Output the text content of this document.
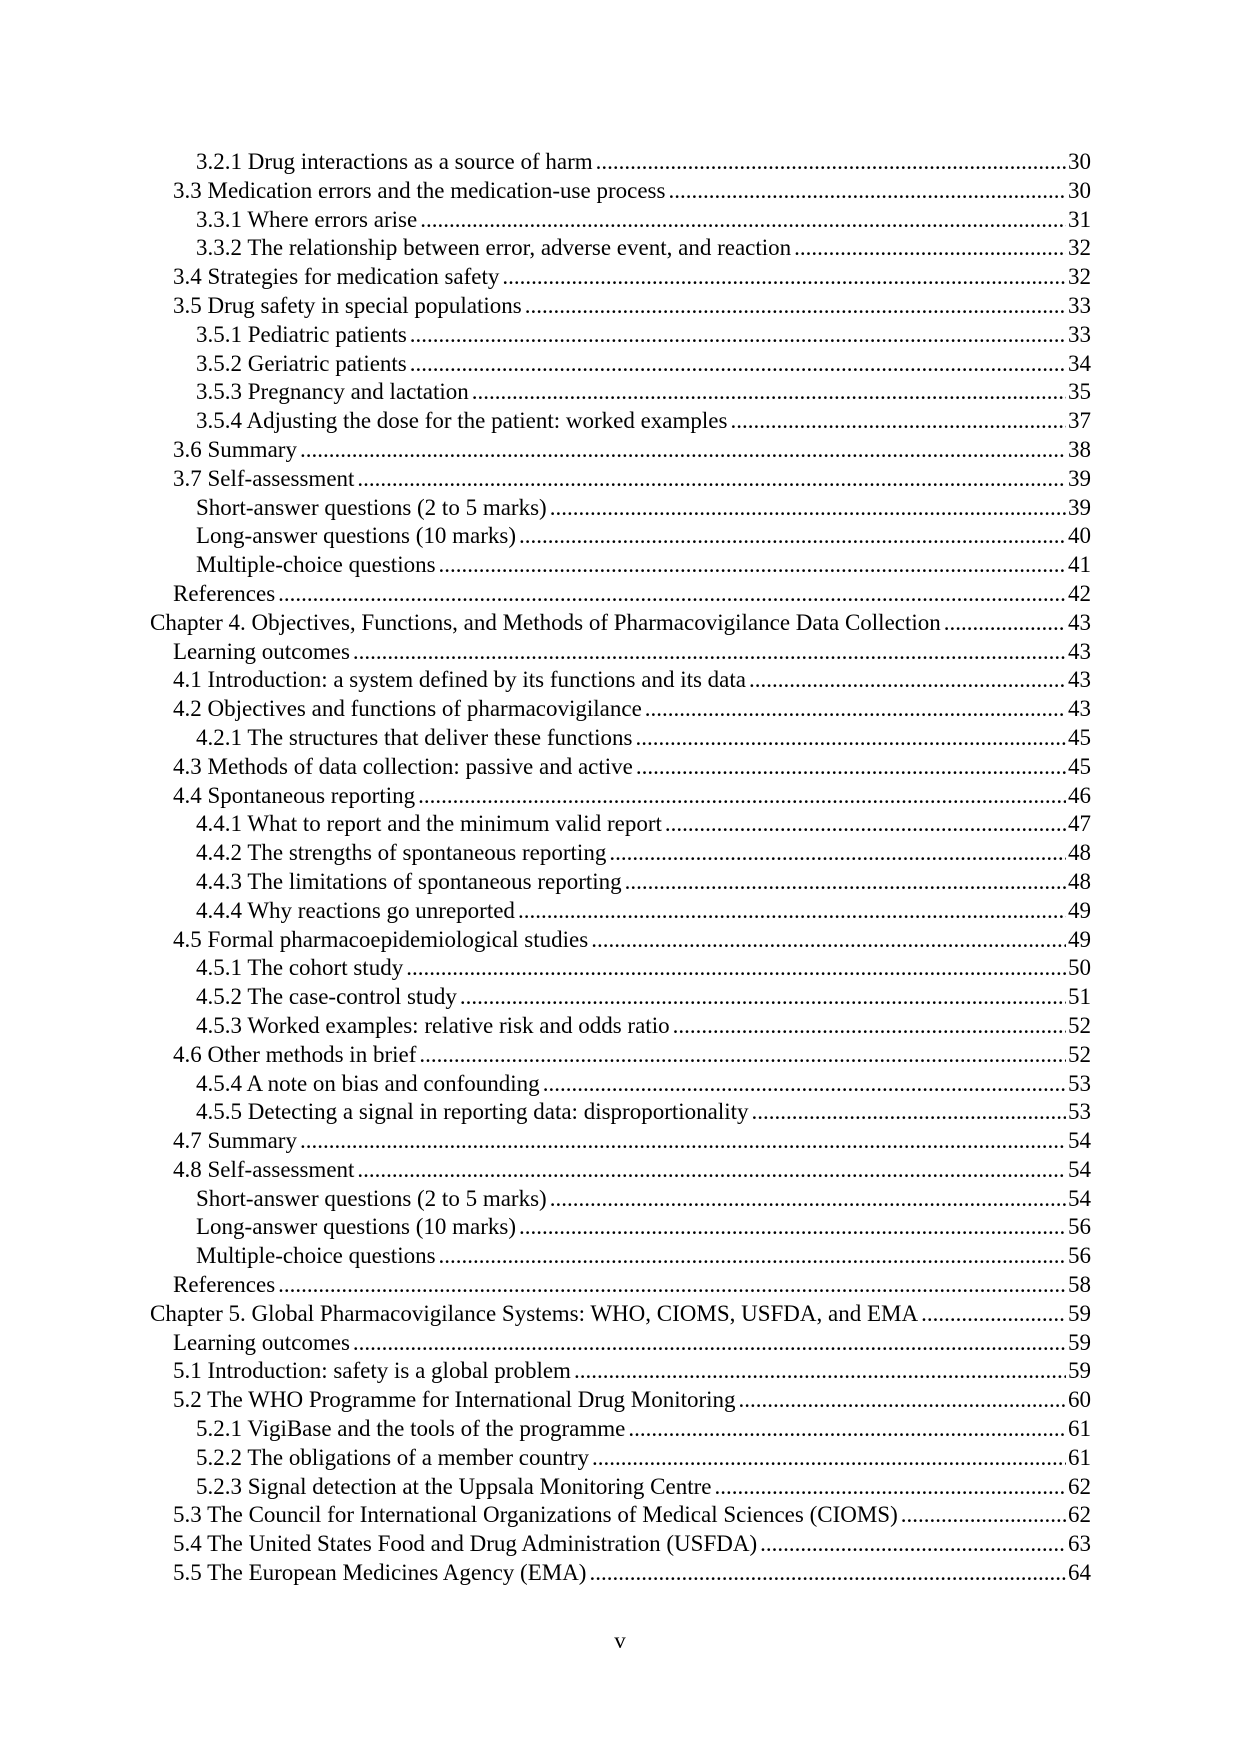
3.2.1 Drug interactions as a source of harm .....	30
3.3 Medication errors and the medication-use process .....	30
3.3.1 Where errors arise .....	31
3.3.2 The relationship between error, adverse event, and reaction .....	32
3.4 Strategies for medication safety .....	32
3.5 Drug safety in special populations .....	33
3.5.1 Pediatric patients .....	33
3.5.2 Geriatric patients .....	34
3.5.3 Pregnancy and lactation .....	35
3.5.4 Adjusting the dose for the patient: worked examples .....	37
3.6 Summary .....	38
3.7 Self-assessment .....	39
Short-answer questions (2 to 5 marks) .....	39
Long-answer questions (10 marks) .....	40
Multiple-choice questions .....	41
References .....	42
Chapter 4. Objectives, Functions, and Methods of Pharmacovigilance Data Collection .....	43
Learning outcomes .....	43
4.1 Introduction: a system defined by its functions and its data .....	43
4.2 Objectives and functions of pharmacovigilance .....	43
4.2.1 The structures that deliver these functions .....	45
4.3 Methods of data collection: passive and active .....	45
4.4 Spontaneous reporting .....	46
4.4.1 What to report and the minimum valid report .....	47
4.4.2 The strengths of spontaneous reporting .....	48
4.4.3 The limitations of spontaneous reporting .....	48
4.4.4 Why reactions go unreported .....	49
4.5 Formal pharmacoepidemiological studies .....	49
4.5.1 The cohort study .....	50
4.5.2 The case-control study .....	51
4.5.3 Worked examples: relative risk and odds ratio .....	52
4.6 Other methods in brief .....	52
4.5.4 A note on bias and confounding .....	53
4.5.5 Detecting a signal in reporting data: disproportionality .....	53
4.7 Summary .....	54
4.8 Self-assessment .....	54
Short-answer questions (2 to 5 marks) .....	54
Long-answer questions (10 marks) .....	56
Multiple-choice questions .....	56
References .....	58
Chapter 5. Global Pharmacovigilance Systems: WHO, CIOMS, USFDA, and EMA .....	59
Learning outcomes .....	59
5.1 Introduction: safety is a global problem .....	59
5.2 The WHO Programme for International Drug Monitoring .....	60
5.2.1 VigiBase and the tools of the programme .....	61
5.2.2 The obligations of a member country .....	61
5.2.3 Signal detection at the Uppsala Monitoring Centre .....	62
5.3 The Council for International Organizations of Medical Sciences (CIOMS) .....	62
5.4 The United States Food and Drug Administration (USFDA) .....	63
5.5 The European Medicines Agency (EMA) .....	64
v
